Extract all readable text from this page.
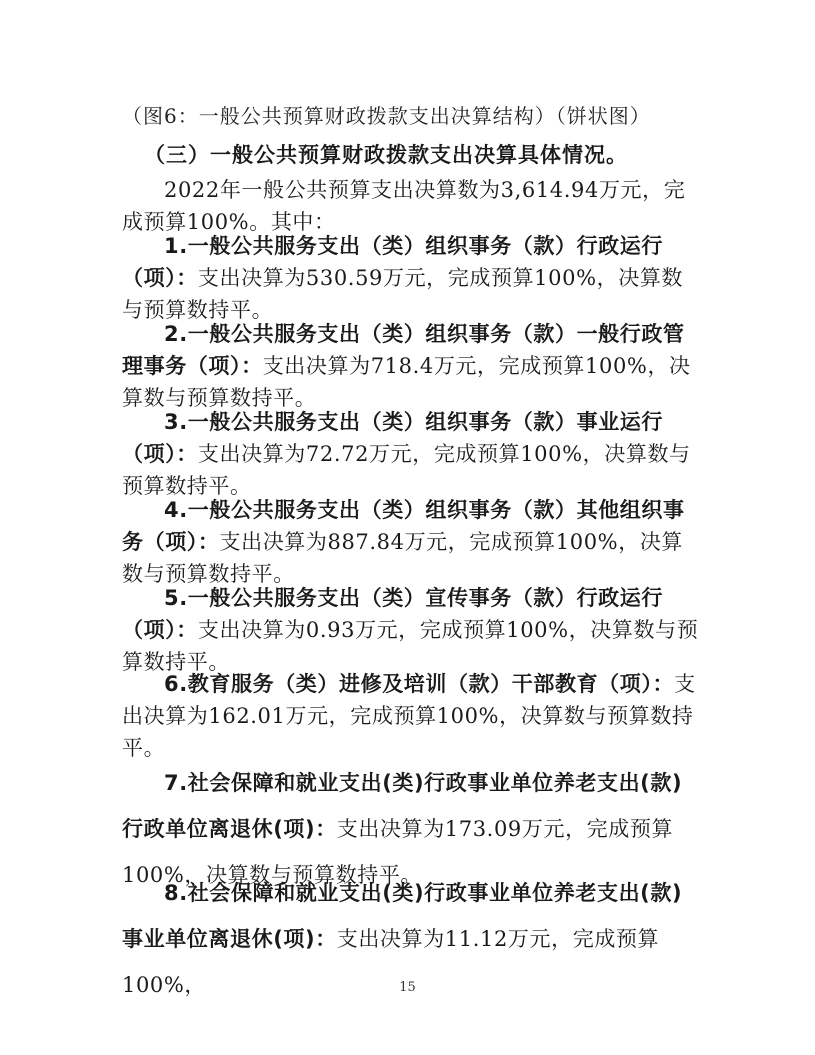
（图6：一般公共预算财政拨款支出决算结构）（饼状图）
（三）一般公共预算财政拨款支出决算具体情况。

2022年一般公共预算支出决算数为3,614.94万元，完成预算100%。其中：

1.一般公共服务支出（类）组织事务（款）行政运行（项）：支出决算为530.59万元，完成预算100%，决算数与预算数持平。

2.一般公共服务支出（类）组织事务（款）一般行政管理事务（项）：支出决算为718.4万元，完成预算100%，决算数与预算数持平。

3.一般公共服务支出（类）组织事务（款）事业运行（项）：支出决算为72.72万元，完成预算100%，决算数与预算数持平。

4.一般公共服务支出（类）组织事务（款）其他组织事务（项）：支出决算为887.84万元，完成预算100%，决算数与预算数持平。

5.一般公共服务支出（类）宣传事务（款）行政运行（项）：支出决算为0.93万元，完成预算100%，决算数与预算数持平。

6.教育服务（类）进修及培训（款）干部教育（项）：支出决算为162.01万元，完成预算100%，决算数与预算数持平。

7.社会保障和就业支出(类)行政事业单位养老支出(款)行政单位离退休(项)：支出决算为173.09万元，完成预算100%，决算数与预算数持平。

8.社会保障和就业支出(类)行政事业单位养老支出(款)事业单位离退休(项)：支出决算为11.12万元，完成预算100%，	15
